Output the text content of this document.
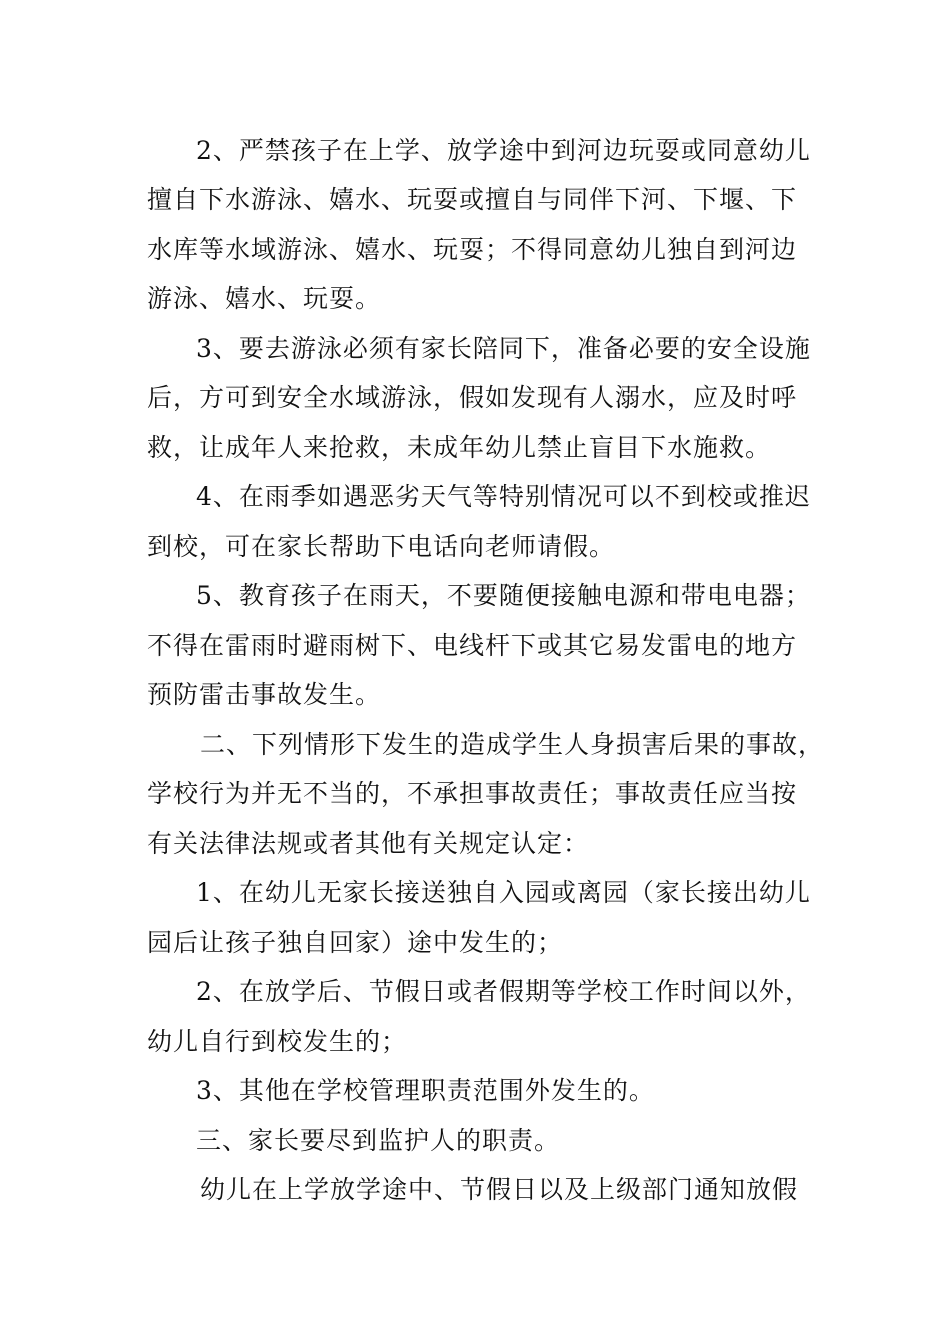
2、严禁孩子在上学、放学途中到河边玩耍或同意幼儿
擅自下水游泳、嬉水、玩耍或擅自与同伴下河、下堰、下
水库等水域游泳、嬉水、玩耍；不得同意幼儿独自到河边
游泳、嬉水、玩耍。
3、要去游泳必须有家长陪同下，准备必要的安全设施
后，方可到安全水域游泳，假如发现有人溺水，应及时呼
救，让成年人来抢救，未成年幼儿禁止盲目下水施救。
4、在雨季如遇恶劣天气等特别情况可以不到校或推迟
到校，可在家长帮助下电话向老师请假。
5、教育孩子在雨天，不要随便接触电源和带电电器；
不得在雷雨时避雨树下、电线杆下或其它易发雷电的地方
预防雷击事故发生。
二、下列情形下发生的造成学生人身损害后果的事故，
学校行为并无不当的，不承担事故责任；事故责任应当按
有关法律法规或者其他有关规定认定：
1、在幼儿无家长接送独自入园或离园（家长接出幼儿
园后让孩子独自回家）途中发生的；
2、在放学后、节假日或者假期等学校工作时间以外，
幼儿自行到校发生的；
3、其他在学校管理职责范围外发生的。
三、家长要尽到监护人的职责。
幼儿在上学放学途中、节假日以及上级部门通知放假
